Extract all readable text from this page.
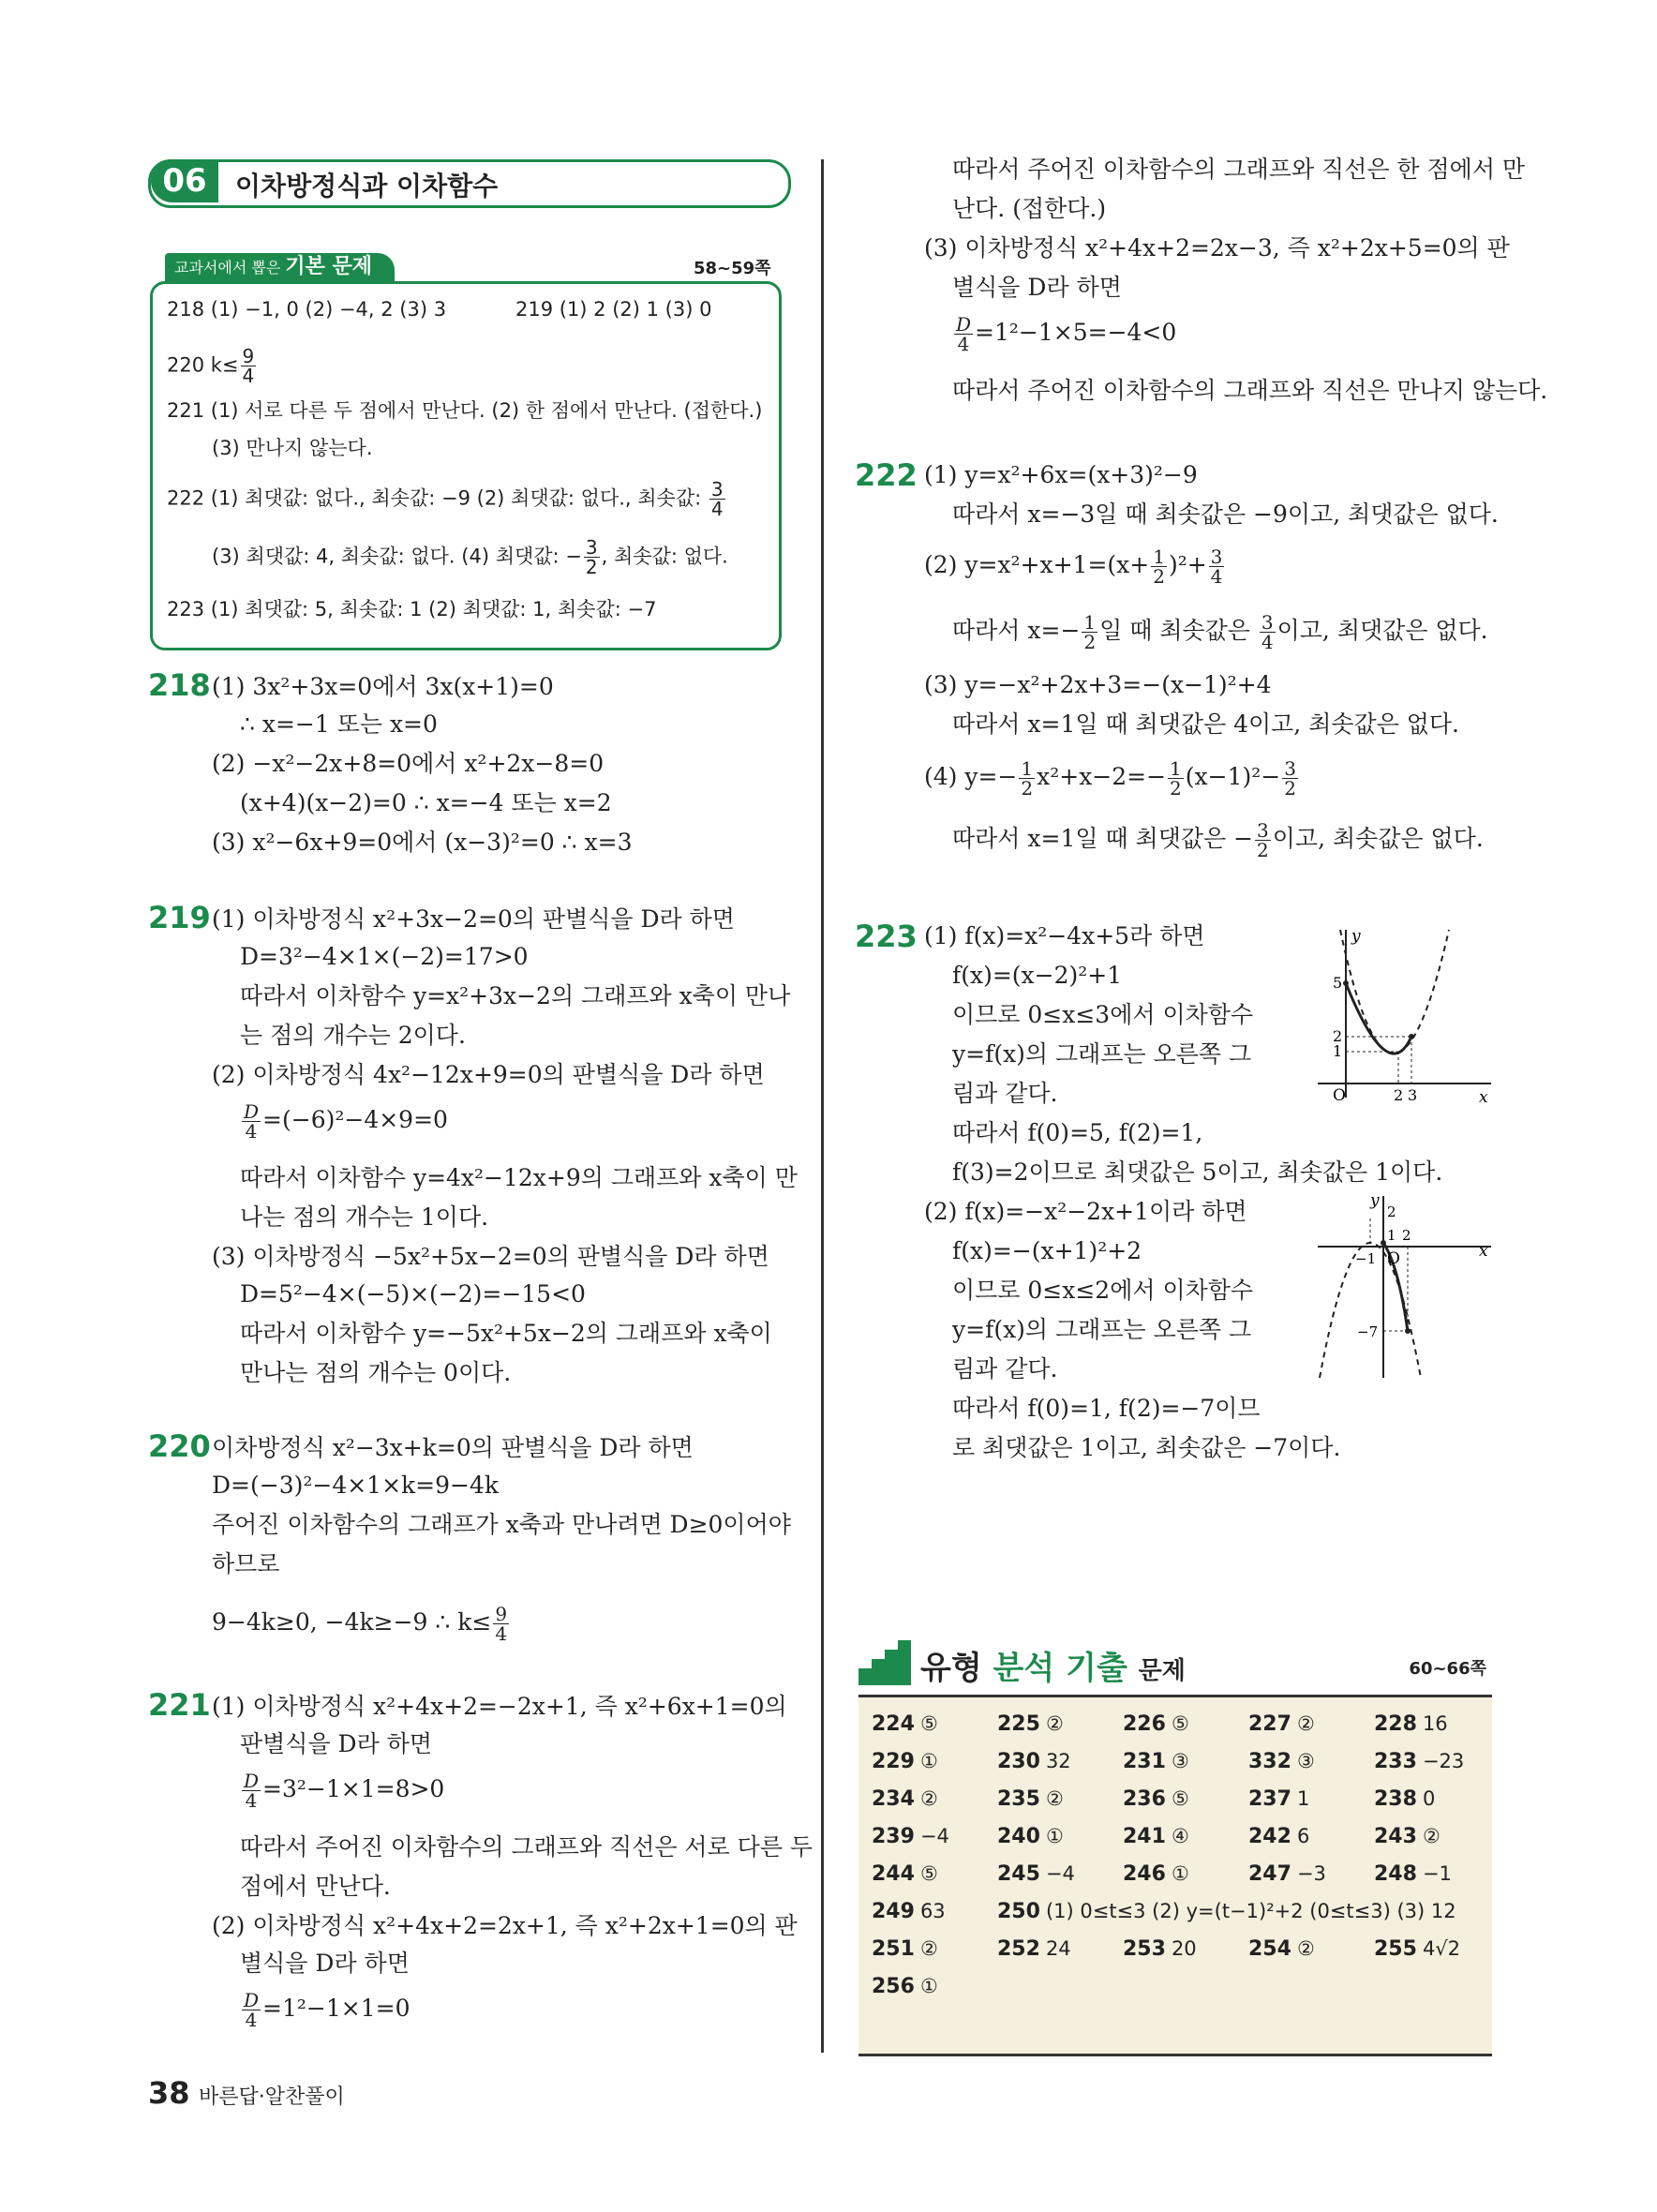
06	이차방정식과 이차함수
교과서에서 뽑은 기본 문제	58~59쪽
218 (1) −1, 0 (2) −4, 2 (3) 3	219 (1) 2 (2) 1 (3) 0
220 $k\le \frac{9}{4}$
221 (1) 서로 다른 두 점에서 만난다. (2) 한 점에서 만난다. (접한다.)
(3) 만나지 않는다.
222 (1) 최댓값: 없다., 최솟값: −9 (2) 최댓값: 없다., 최솟값: $\frac{3}{4}$
(3) 최댓값: 4, 최솟값: 없다. (4) 최댓값: − $\frac{3}{2}$ , 최솟값: 없다.
223 (1) 최댓값: 5, 최솟값: 1 (2) 최댓값: 1, 최솟값: −7
218 (1) 3x²+3x=0에서 3x(x+1)=0
∴ x=−1 또는 x=0
(2) −x²−2x+8=0에서 x²+2x−8=0
(x+4)(x−2)=0 ∴ x=−4 또는 x=2
(3) x²−6x+9=0에서 (x−3)²=0 ∴ x=3
219 (1) 이차방정식 x²+3x−2=0의 판별식을 D라 하면
D=3²−4×1×(−2)=17>0
따라서 이차함수 y=x²+3x−2의 그래프와 x축이 만나
는 점의 개수는 2이다.
(2) 이차방정식 4x²−12x+9=0의 판별식을 D라 하면
$\frac{D}{4} =(-6)^2-4\times 9=0$
따라서 이차함수 y=4x²−12x+9의 그래프와 x축이 만
나는 점의 개수는 1이다.
(3) 이차방정식 −5x²+5x−2=0의 판별식을 D라 하면
D=5²−4×(−5)×(−2)=−15<0
따라서 이차함수 y=−5x²+5x−2의 그래프와 x축이
만나는 점의 개수는 0이다.
220 이차방정식 x²−3x+k=0의 판별식을 D라 하면
D=(−3)²−4×1×k=9−4k
주어진 이차함수의 그래프가 x축과 만나려면 D≥0이어야
하므로
9−4k≥0, −4k≥−9 ∴ $k\le \frac{9}{4}$
221 (1) 이차방정식 x²+4x+2=−2x+1, 즉 x²+6x+1=0의
판별식을 D라 하면
$\frac{D}{4} =3^2-1\times 1=8>0$
따라서 주어진 이차함수의 그래프와 직선은 서로 다른 두
점에서 만난다.
(2) 이차방정식 x²+4x+2=2x+1, 즉 x²+2x+1=0의 판
별식을 D라 하면
$\frac{D}{4} =1^2-1\times 1=0$
따라서 주어진 이차함수의 그래프와 직선은 한 점에서 만
난다. (접한다.)
(3) 이차방정식 x²+4x+2=2x−3, 즉 x²+2x+5=0의 판
별식을 D라 하면
$\frac{D}{4} =1^2-1\times 5=-4<0$
따라서 주어진 이차함수의 그래프와 직선은 만나지 않는다.
222 (1) y=x²+6x=(x+3)²−9
따라서 x=−3일 때 최솟값은 −9이고, 최댓값은 없다.
(2) $y=x^2+x+1=(x+ \frac{1}{2} )^2+ \frac{3}{4}$
따라서 $x=- \frac{1}{2}$ 일 때 최솟값은 $\frac{3}{4}$ 이고, 최댓값은 없다.
(3) y=−x²+2x+3=−(x−1)²+4
따라서 x=1일 때 최댓값은 4이고, 최솟값은 없다.
(4) $y=- \frac{1}{2} x^2+x-2=- \frac{1}{2} (x-1)^2- \frac{3}{2}$
따라서 x=1일 때 최댓값은 − $\frac{3}{2}$ 이고, 최솟값은 없다.
223 (1) f(x)=x²−4x+5라 하면
f(x)=(x−2)²+1
이므로 0≤x≤3에서 이차함수
y=f(x)의 그래프는 오른쪽 그
림과 같다.
따라서 f(0)=5, f(2)=1,
f(3)=2이므로 최댓값은 5이고, 최솟값은 1이다.
(2) f(x)=−x²−2x+1이라 하면
f(x)=−(x+1)²+2
이므로 0≤x≤2에서 이차함수
y=f(x)의 그래프는 오른쪽 그
림과 같다.
따라서 f(0)=1, f(2)=−7이므
로 최댓값은 1이고, 최솟값은 −7이다.
y
x
O
5
2
1
2 3
y
x
O
2
1
−7
−1
2
유형 분석 기출 문제	60~66쪽
224 ⑤	225 ②	226 ⑤	227 ②	228 16
229 ①	230 32	231 ③	332 ③	233 −23
234 ②	235 ②	236 ⑤	237 1	238 0
239 −4 240 ①	241 ④	242 6	243 ②
244 ⑤	245 −4 246 ①	247 −3 248 −1
249 63	250 (1) 0≤t≤3 (2) y=(t−1)²+2 (0≤t≤3) (3) 12
251 ②	252 24	253 20	254 ②	255 4√2
256 ①
38 바른답·알찬풀이
